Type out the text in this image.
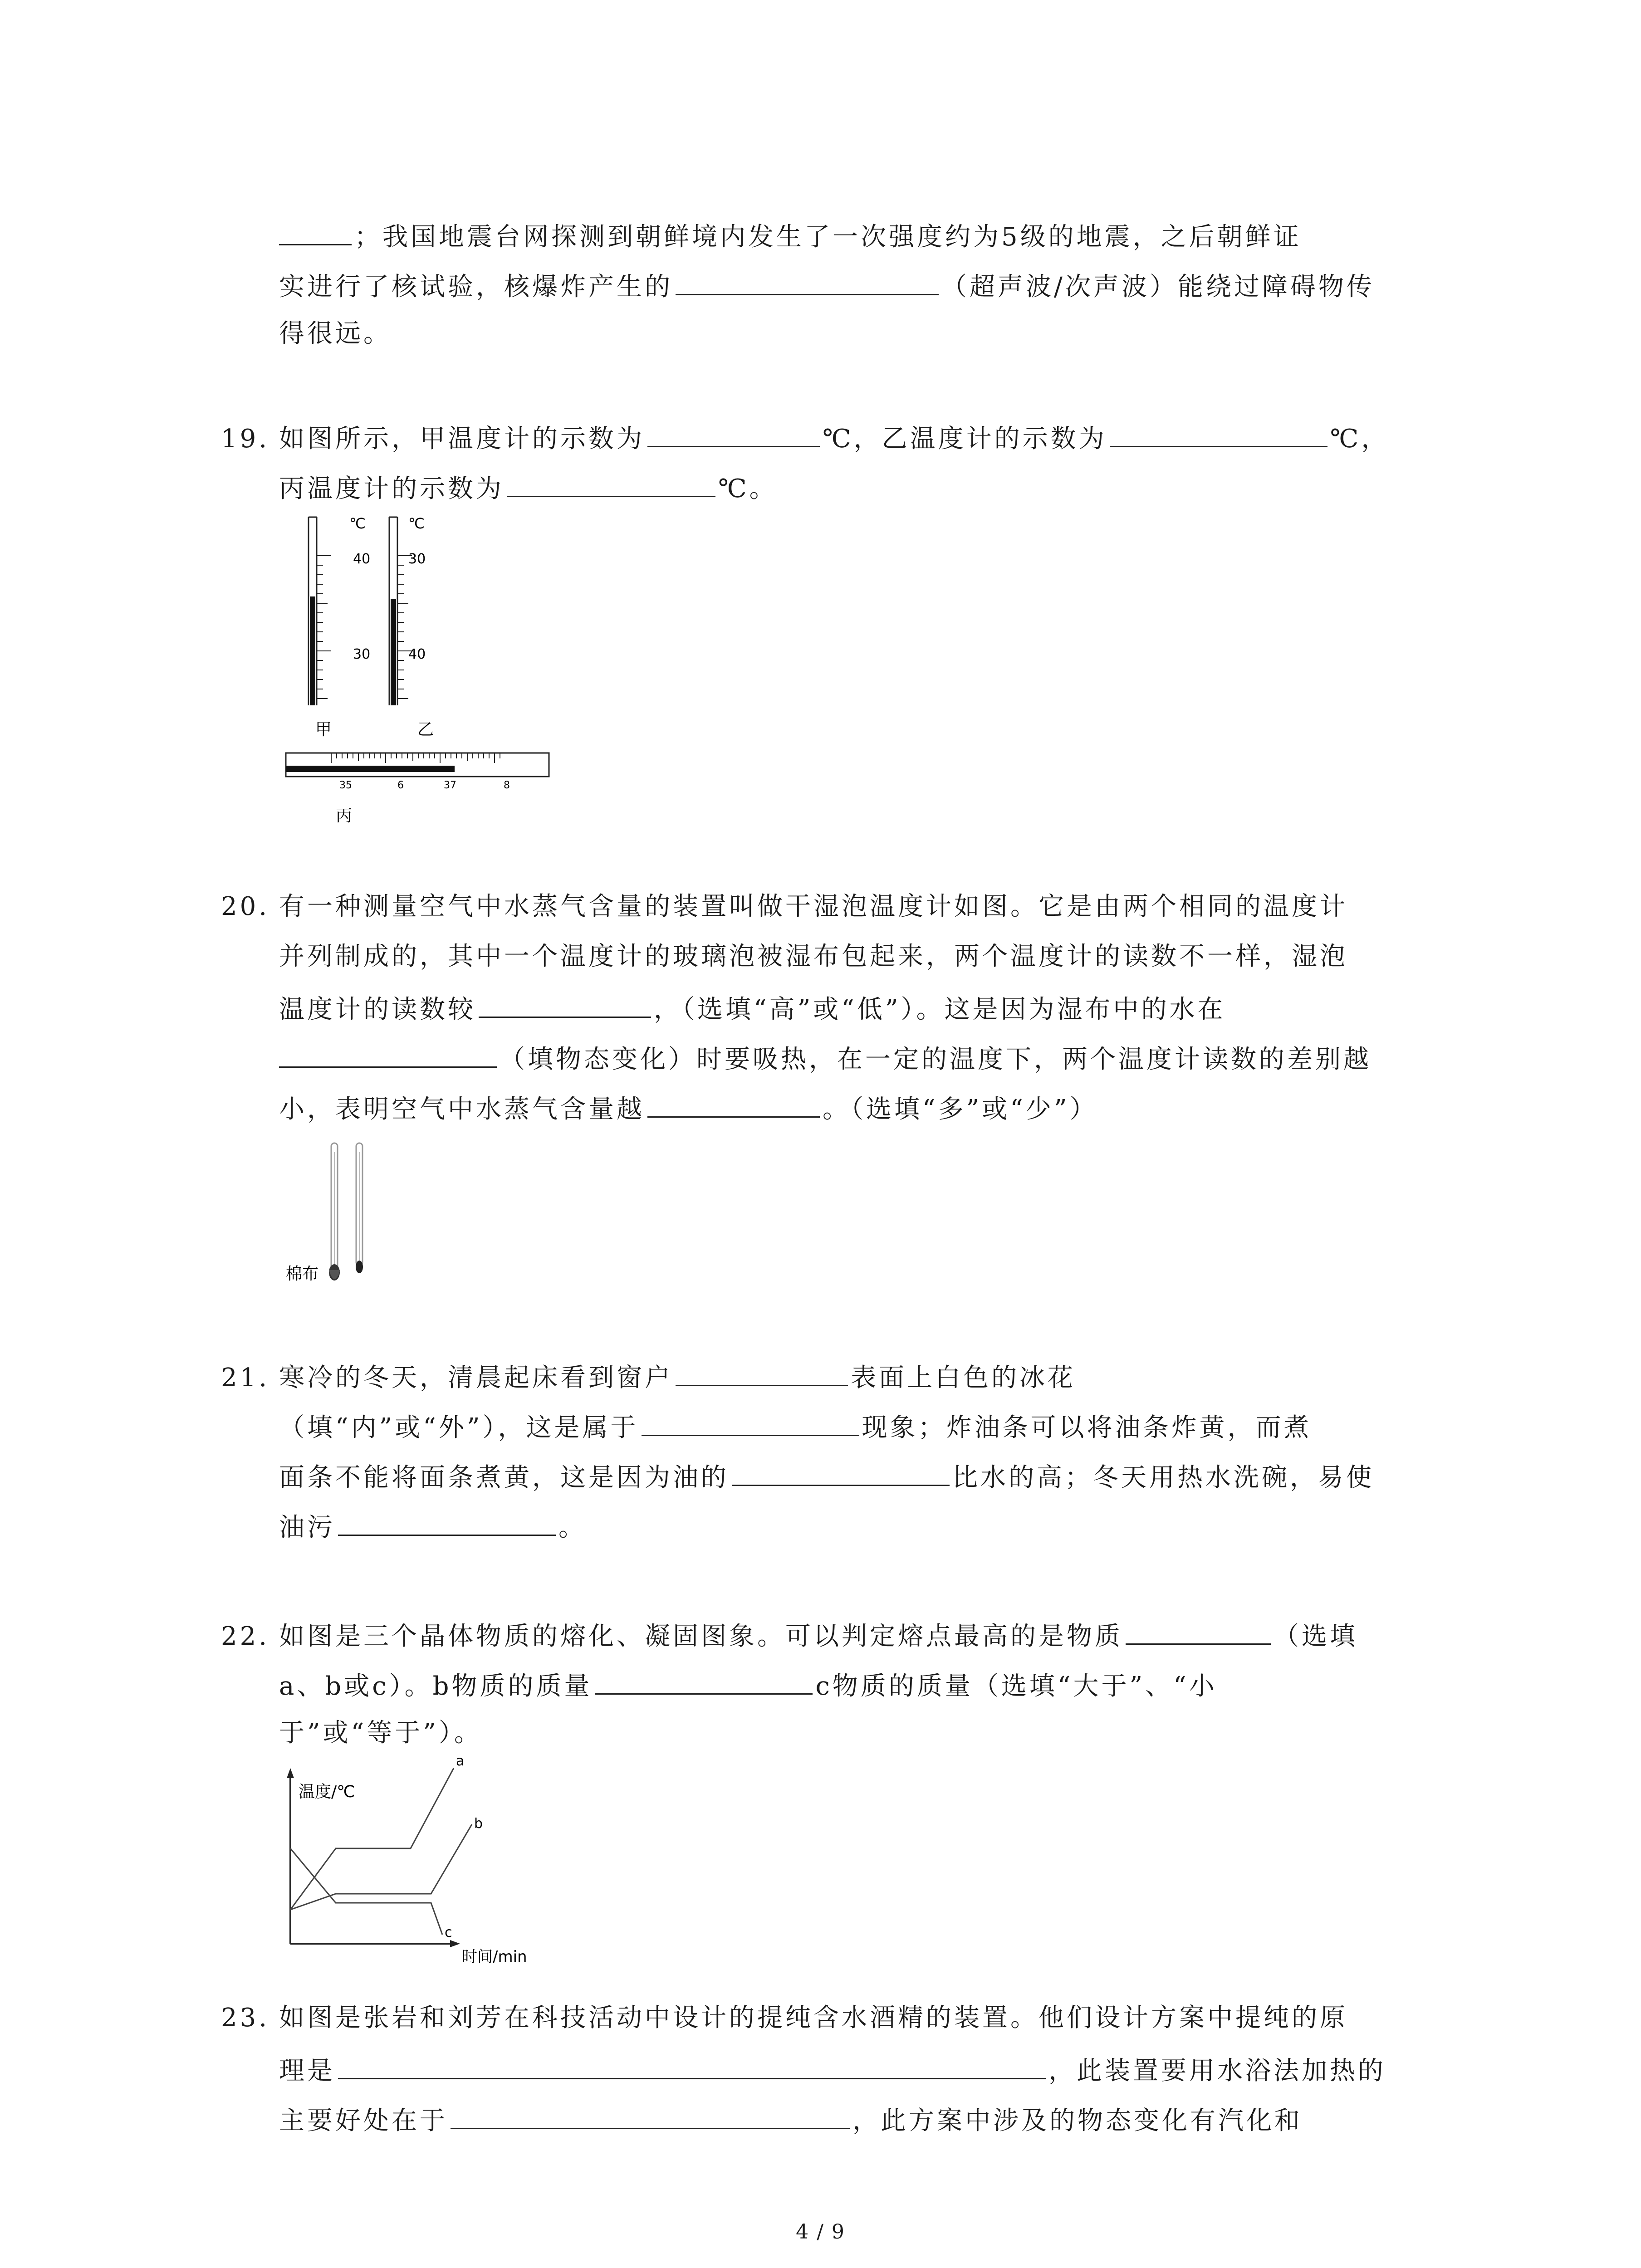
；我国地震台网探测到朝鲜境内发生了一次强度约为5级的地震，之后朝鲜证
实进行了核试验，核爆炸产生的	（超声波/次声波）能绕过障碍物传
得很远。
19. 如图所示，甲温度计的示数为	℃，乙温度计的示数为	℃，
丙温度计的示数为	℃。
℃
40
30
甲
℃
30
40
乙
35	6	37	8
丙
20. 有一种测量空气中水蒸气含量的装置叫做干湿泡温度计如图。它是由两个相同的温度计
并列制成的，其中一个温度计的玻璃泡被湿布包起来，两个温度计的读数不一样，湿泡
温度计的读数较	，（选填“高”或“低”）。这是因为湿布中的水在
（填物态变化）时要吸热，在一定的温度下，两个温度计读数的差别越
小，表明空气中水蒸气含量越	。（选填“多”或“少”）
棉布
21. 寒冷的冬天，清晨起床看到窗户	表面上白色的冰花
（填“内”或“外”），这是属于	现象；炸油条可以将油条炸黄，而煮
面条不能将面条煮黄，这是因为油的	比水的高；冬天用热水洗碗，易使
油污	。
22. 如图是三个晶体物质的熔化、凝固图象。可以判定熔点最高的是物质	（选填
a、b或c）。b物质的质量	c物质的质量（选填“大于”、“小
于”或“等于”）。
温度/℃
时间/min
a
b
c
23. 如图是张岩和刘芳在科技活动中设计的提纯含水酒精的装置。他们设计方案中提纯的原
理是	，此装置要用水浴法加热的
主要好处在于	，此方案中涉及的物态变化有汽化和
4 / 9
